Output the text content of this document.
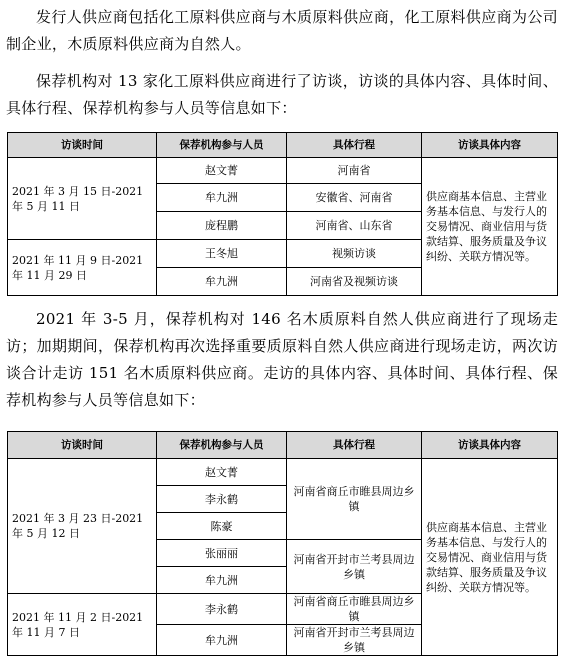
发行人供应商包括化工原料供应商与木质原料供应商，化工原料供应商为公司制企业，木质原料供应商为自然人。

保荐机构对 13 家化工原料供应商进行了访谈，访谈的具体内容、具体时间、具体行程、保荐机构参与人员等信息如下：

访谈时间	保荐机构参与人员	具体行程	访谈具体内容
2021 年 3 月 15 日-2021 年 5 月 11 日	赵文菁	河南省	供应商基本信息、主营业务基本信息、与发行人的交易情况、商业信用与货款结算、服务质量及争议纠纷、关联方情况等。
	牟九洲	安徽省、河南省	
	庞程鹏	河南省、山东省	
2021 年 11 月 9 日-2021 年 11 月 29 日	王冬旭	视频访谈	
	牟九洲	河南省及视频访谈	

2021 年 3-5 月，保荐机构对 146 名木质原料自然人供应商进行了现场走访；加期期间，保荐机构再次选择重要质原料自然人供应商进行现场走访，两次访谈合计走访 151 名木质原料供应商。走访的具体内容、具体时间、具体行程、保荐机构参与人员等信息如下：

访谈时间	保荐机构参与人员	具体行程	访谈具体内容
2021 年 3 月 23 日-2021 年 5 月 12 日	赵文菁	河南省商丘市睢县周边乡镇	供应商基本信息、主营业务基本信息、与发行人的交易情况、商业信用与货款结算、服务质量及争议纠纷、关联方情况等。
	李永鹤		
	陈豪		
	张丽丽	河南省开封市兰考县周边乡镇	
	牟九洲		
2021 年 11 月 2 日-2021 年 11 月 7 日	李永鹤	河南省商丘市睢县周边乡镇	
	牟九洲	河南省开封市兰考县周边乡镇	
